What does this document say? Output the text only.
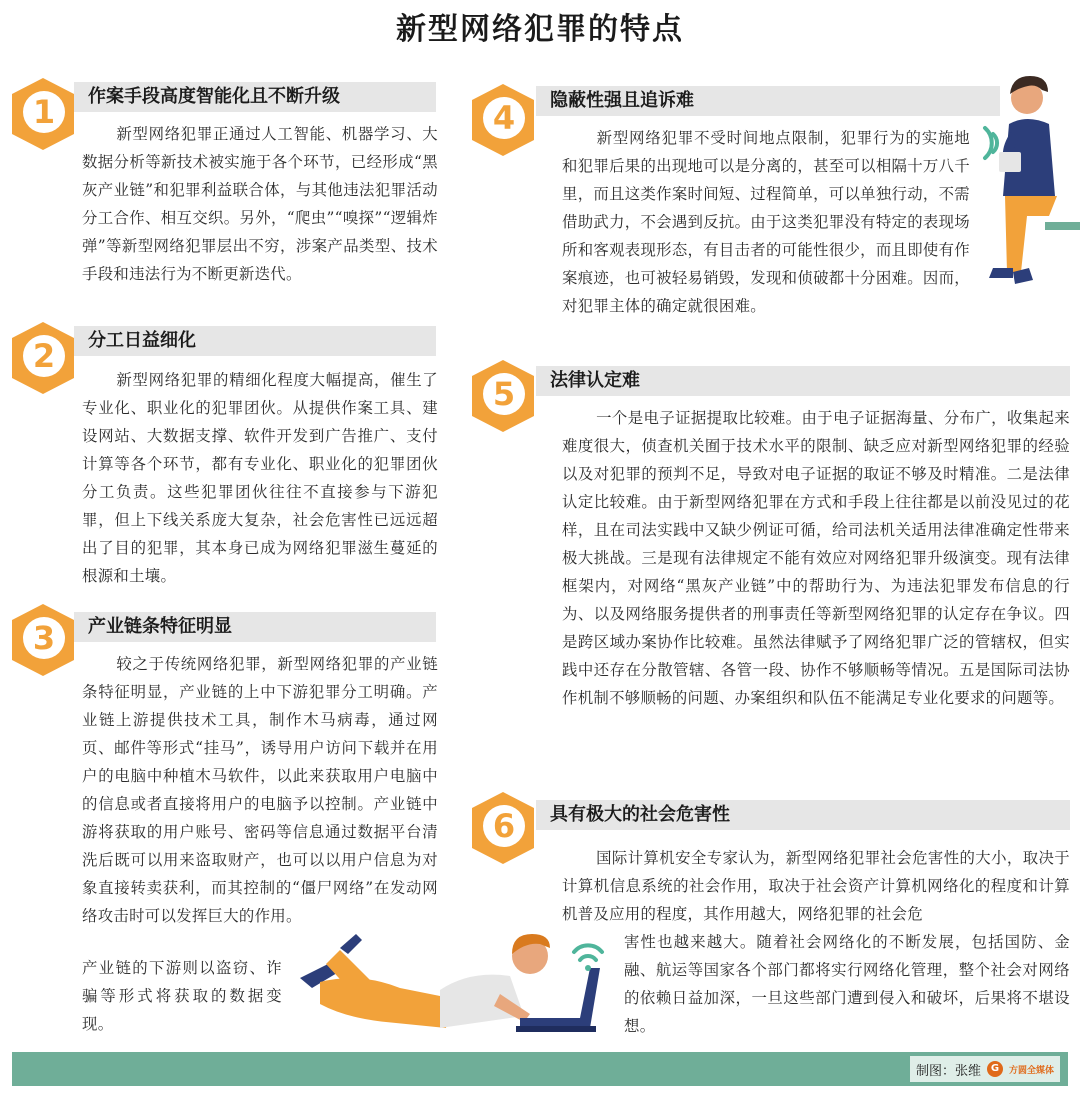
新型网络犯罪的特点
1	作案手段高度智能化且不断升级
新型网络犯罪正通过人工智能、机器学习、大数据分析等新技术被实施于各个环节，已经形成“黑灰产业链”和犯罪利益联合体，与其他违法犯罪活动分工合作、相互交织。另外，“爬虫”“嗅探”“逻辑炸弹”等新型网络犯罪层出不穷，涉案产品类型、技术手段和违法行为不断更新迭代。
2	分工日益细化
新型网络犯罪的精细化程度大幅提高，催生了专业化、职业化的犯罪团伙。从提供作案工具、建设网站、大数据支撑、软件开发到广告推广、支付计算等各个环节，都有专业化、职业化的犯罪团伙分工负责。这些犯罪团伙往往不直接参与下游犯罪，但上下线关系庞大复杂，社会危害性已远远超出了目的犯罪，其本身已成为网络犯罪滋生蔓延的根源和土壤。
3	产业链条特征明显
较之于传统网络犯罪，新型网络犯罪的产业链条特征明显，产业链的上中下游犯罪分工明确。产业链上游提供技术工具，制作木马病毒，通过网页、邮件等形式“挂马”，诱导用户访问下载并在用户的电脑中种植木马软件，以此来获取用户电脑中的信息或者直接将用户的电脑予以控制。产业链中游将获取的用户账号、密码等信息通过数据平台清洗后既可以用来盗取财产，也可以以用户信息为对象直接转卖获利，而其控制的“僵尸网络”在发动网络攻击时可以发挥巨大的作用。
产业链的下游则以盗窃、诈骗等形式将获取的数据变现。
4	隐蔽性强且追诉难
新型网络犯罪不受时间地点限制，犯罪行为的实施地和犯罪后果的出现地可以是分离的，甚至可以相隔十万八千里，而且这类作案时间短、过程简单，可以单独行动，不需借助武力，不会遇到反抗。由于这类犯罪没有特定的表现场所和客观表现形态，有目击者的可能性很少，而且即使有作案痕迹，也可被轻易销毁，发现和侦破都十分困难。因而，对犯罪主体的确定就很困难。
5	法律认定难
一个是电子证据提取比较难。由于电子证据海量、分布广，收集起来难度很大，侦查机关囿于技术水平的限制、缺乏应对新型网络犯罪的经验以及对犯罪的预判不足，导致对电子证据的取证不够及时精准。二是法律认定比较难。由于新型网络犯罪在方式和手段上往往都是以前没见过的花样，且在司法实践中又缺少例证可循，给司法机关适用法律准确定性带来极大挑战。三是现有法律规定不能有效应对网络犯罪升级演变。现有法律框架内，对网络“黑灰产业链”中的帮助行为、为违法犯罪发布信息的行为、以及网络服务提供者的刑事责任等新型网络犯罪的认定存在争议。四是跨区域办案协作比较难。虽然法律赋予了网络犯罪广泛的管辖权，但实践中还存在分散管辖、各管一段、协作不够顺畅等情况。五是国际司法协作机制不够顺畅的问题、办案组织和队伍不能满足专业化要求的问题等。
6	具有极大的社会危害性
国际计算机安全专家认为，新型网络犯罪社会危害性的大小，取决于计算机信息系统的社会作用，取决于社会资产计算机网络化的程度和计算机普及应用的程度，其作用越大，网络犯罪的社会危
害性也越来越大。随着社会网络化的不断发展，包括国防、金融、航运等国家各个部门都将实行网络化管理，整个社会对网络的依赖日益加深，一旦这些部门遭到侵入和破坏，后果将不堪设想。
制图：张维 G	方圆全媒体
